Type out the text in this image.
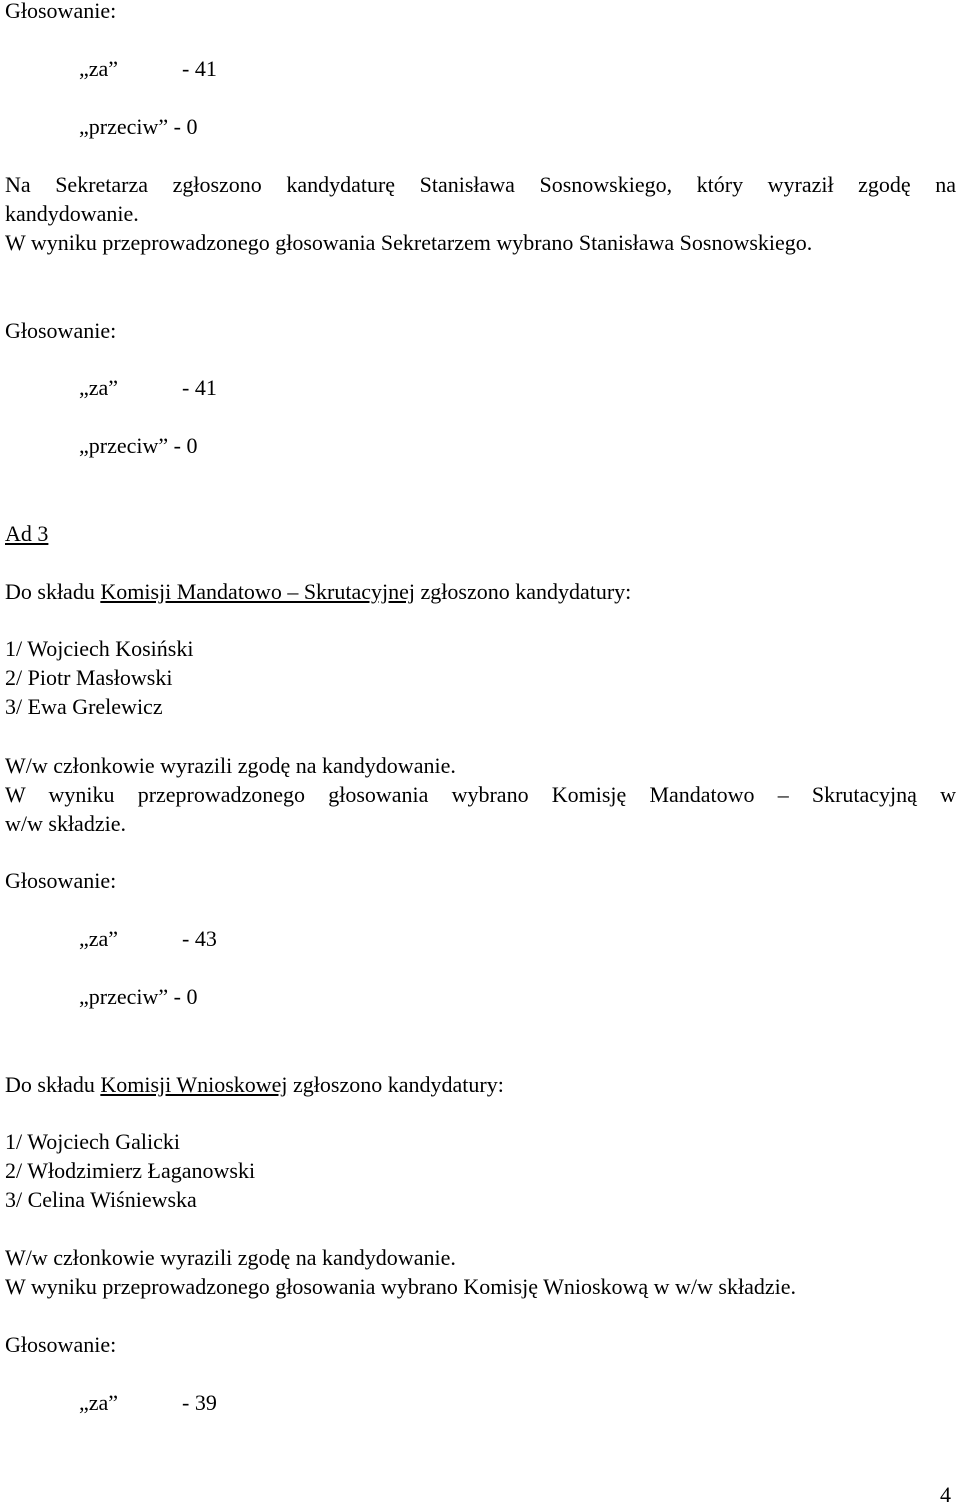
Głosowanie:
„za”	- 41
„przeciw” - 0
Na Sekretarza zgłoszono kandydaturę Stanisława Sosnowskiego, który wyraził zgodę na
kandydowanie.
W wyniku przeprowadzonego głosowania Sekretarzem wybrano Stanisława Sosnowskiego.
Głosowanie:
„za”	- 41
„przeciw” - 0
Ad 3
Do składu Komisji Mandatowo – Skrutacyjnej zgłoszono kandydatury:
1/ Wojciech Kosiński
2/ Piotr Masłowski
3/ Ewa Grelewicz
W/w członkowie wyrazili zgodę na kandydowanie.
W wyniku przeprowadzonego głosowania wybrano Komisję Mandatowo – Skrutacyjną w
w/w składzie.
Głosowanie:
„za”	- 43
„przeciw” - 0
Do składu Komisji Wnioskowej zgłoszono kandydatury:
1/ Wojciech Galicki
2/ Włodzimierz Łaganowski
3/ Celina Wiśniewska
W/w członkowie wyrazili zgodę na kandydowanie.
W wyniku przeprowadzonego głosowania wybrano Komisję Wnioskową w w/w składzie.
Głosowanie:
„za”	- 39
4
